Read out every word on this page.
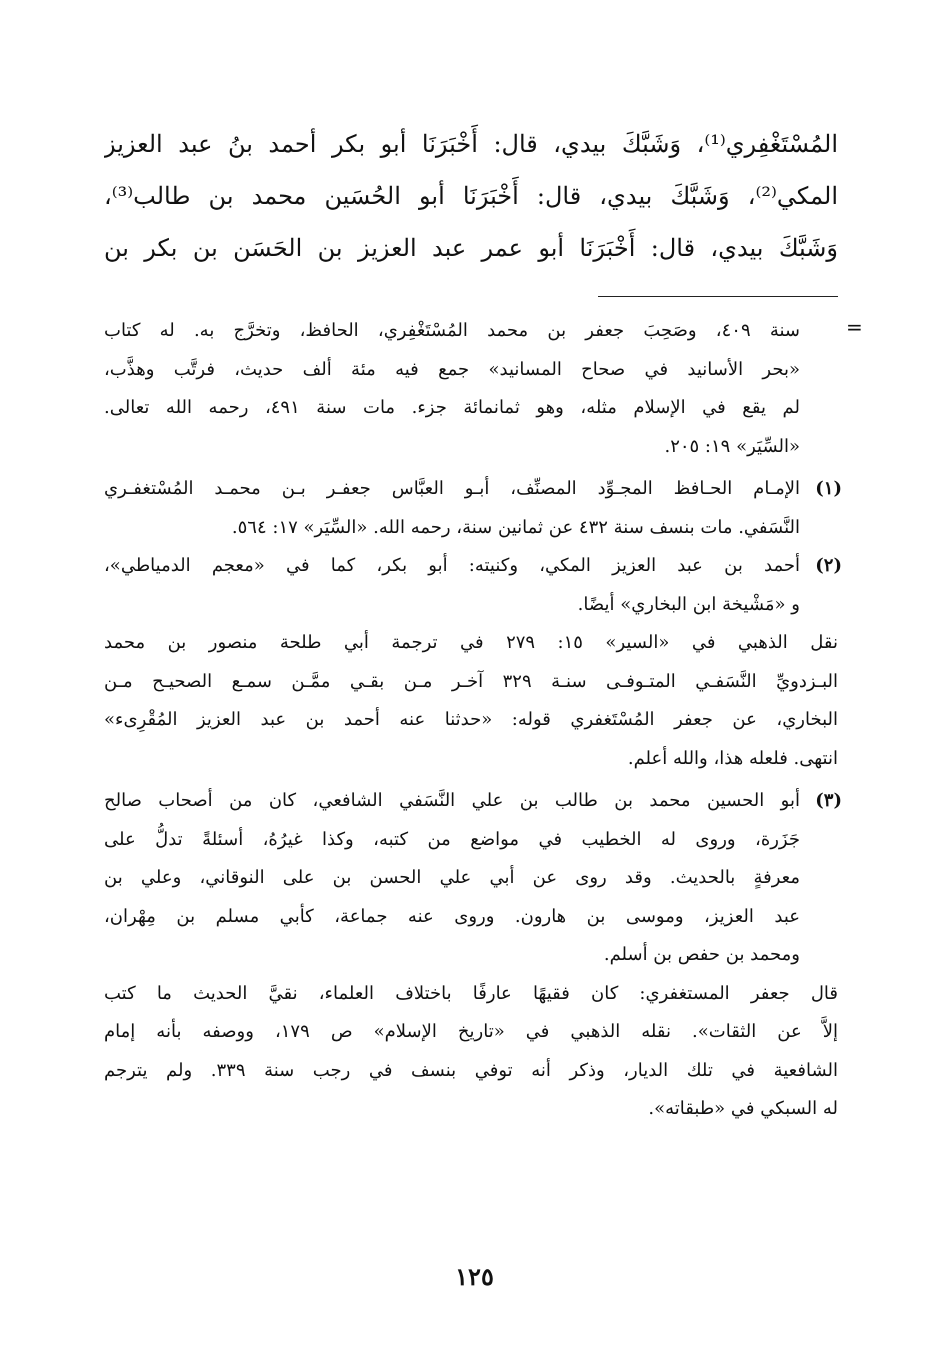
المُسْتَغْفِري⁽¹⁾، وَشَبَّكَ بيدي، قال: أَخْبَرَنَا أبو بكر أحمد بنُ عبد العزيز
المكي⁽²⁾، وَشَبَّكَ بيدي، قال: أَخْبَرَنَا أبو الحُسَين محمد بن طالب⁽³⁾،
وَشَبَّكَ بيدي، قال: أَخْبَرَنَا أبو عمر عبد العزيز بن الحَسَن بن بكر بن
=
سنة ٤٠٩، وصَحِبَ جعفر بن محمد المُسْتَغْفِري، الحافظ، وتخرَّج به. له كتاب
«بحر الأسانيد في صحاح المسانيد» جمع فيه مئة ألف حديث، فرتَّب وهذَّب،
لم يقع في الإسلام مثله، وهو ثمانمائة جزء. مات سنة ٤٩١، رحمه الله تعالى.
«السِّيَر» ١٩: ٢٠٥.
(١)
الإمـام الحـافظ المجـوِّد المصنِّف، أبـو العبَّاس جعفـر بـن محمـد المُسْتغفـري
النَّسَفي. مات بنسف سنة ٤٣٢ عن ثمانين سنة، رحمه الله. «السِّيَر» ١٧: ٥٦٤.
(٢)
أحمد بن عبد العزيز المكي، وكنيته: أبو بكر، كما في «معجم الدمياطي»،
و «مَشْيخة ابن البخاري» أيضًا.
نقل الذهبي في «السير» ١٥: ٢٧٩ في ترجمة أبي طلحة منصور بن محمد
البـزدويِّ النَّسَفـي المتـوفـى سنـة ٣٢٩ آخـر مـن بقـي ممَّـن سمـع الصحيـح مـن
البخاري، عن جعفر المُسْتَغفري قوله: «حدثنا عنه أحمد بن عبد العزيز المُقْرِىء»
انتهى. فلعله هذا، والله أعلم.
(٣)
أبو الحسين محمد بن طالب بن علي النَّسَفي الشافعي، كان من أصحاب صالح
جَزَرة، وروى له الخطيب في مواضع من كتبه، وكذا غيرُهُ، أسئلةً تدلُّ على
معرفةٍ بالحديث. وقد روى عن أبي علي الحسن بن على النوقاني، وعلي بن
عبد العزيز، وموسى بن هارون. وروى عنه جماعة، كأبي مسلم بن مِهْران،
ومحمد بن حفص بن أسلم.
قال جعفر المستغفري: كان فقيهًا عارفًا باختلاف العلماء، نقيَّ الحديث ما كتب
إلاَّ عن الثقات». نقله الذهبي في «تاريخ الإسلام» ص ١٧٩، ووصفه بأنه إمام
الشافعية في تلك الديار، وذكر أنه توفي بنسف في رجب سنة ٣٣٩. ولم يترجم
له السبكي في «طبقاته».
١٢٥
